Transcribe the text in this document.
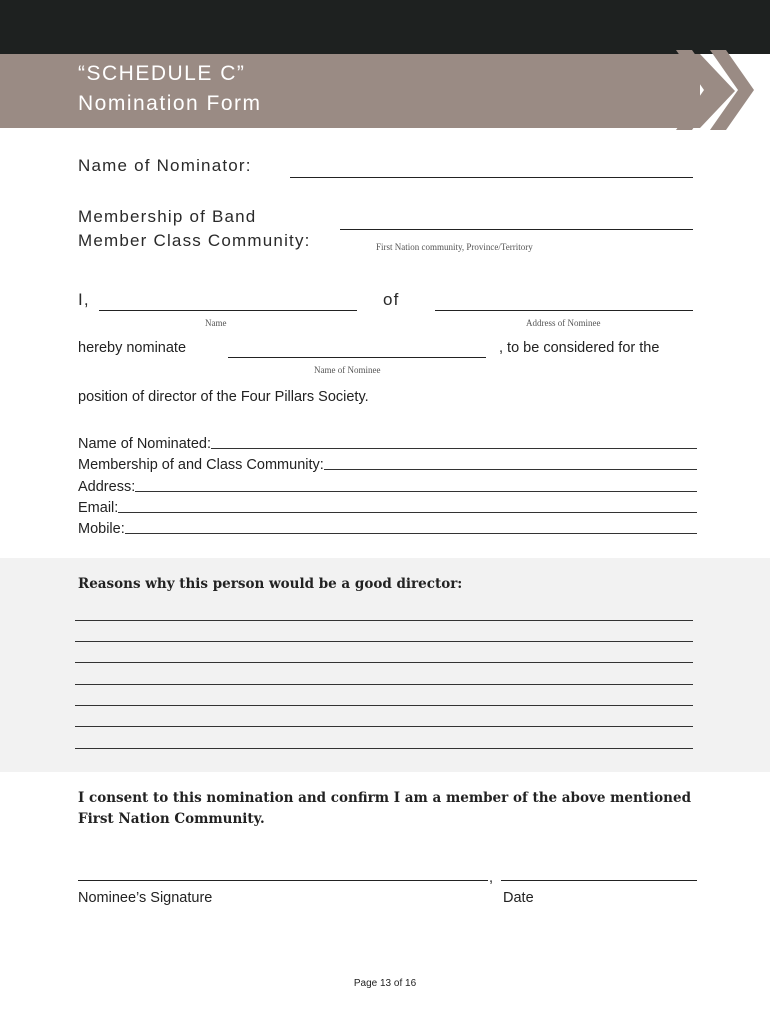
“SCHEDULE C”
Nomination Form
Name of Nominator:
Membership of Band
Member Class Community:	First Nation community, Province/Territory
I,
Name
of
Address of Nominee
hereby nominate
Name of Nominee
, to be considered for the
position of director of the Four Pillars Society.
Name of Nominated:
Membership of and Class Community:
Address:
Email:
Mobile:
Reasons why this person would be a good director:
I consent to this nomination and confirm I am a member of the above mentioned
First Nation Community.
,
Nominee’s Signature	Date
Page 13 of 16
